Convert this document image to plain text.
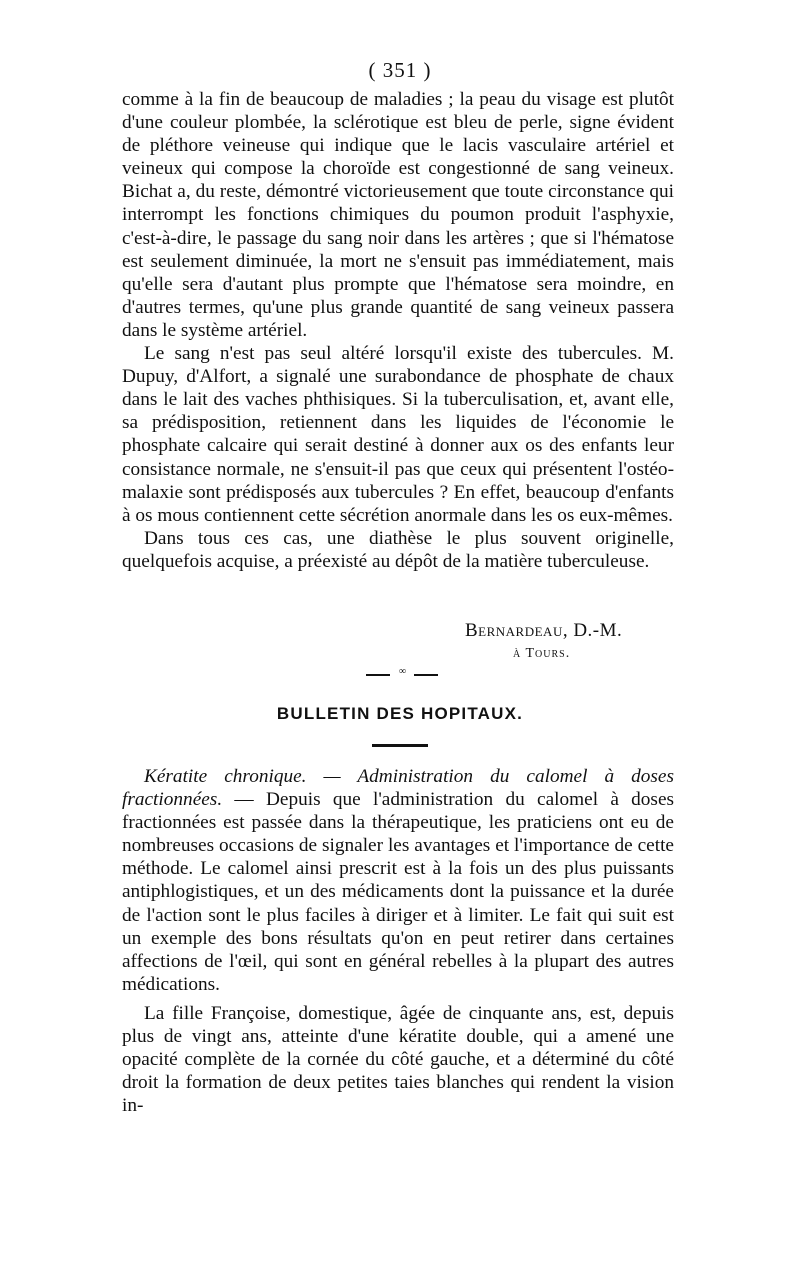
( 351 )

comme à la fin de beaucoup de maladies ; la peau du visage est plutôt d'une couleur plombée, la sclérotique est bleu de perle, signe évident de pléthore veineuse qui indique que le lacis vasculaire artériel et veineux qui compose la choroïde est congestionné de sang veineux. Bichat a, du reste, démontré victorieusement que toute circonstance qui interrompt les fonctions chimiques du poumon produit l'asphyxie, c'est-à-dire, le passage du sang noir dans les artères ; que si l'hématose est seulement diminuée, la mort ne s'ensuit pas immédiatement, mais qu'elle sera d'autant plus prompte que l'hématose sera moindre, en d'autres termes, qu'une plus grande quantité de sang veineux passera dans le système artériel.

Le sang n'est pas seul altéré lorsqu'il existe des tubercules. M. Dupuy, d'Alfort, a signalé une surabondance de phosphate de chaux dans le lait des vaches phthisiques. Si la tuberculisation, et, avant elle, sa prédisposition, retiennent dans les liquides de l'économie le phosphate calcaire qui serait destiné à donner aux os des enfants leur consistance normale, ne s'ensuit-il pas que ceux qui présentent l'ostéo-malaxie sont prédisposés aux tubercules ? En effet, beaucoup d'enfants à os mous contiennent cette sécrétion anormale dans les os eux-mêmes.

Dans tous ces cas, une diathèse le plus souvent originelle, quelquefois acquise, a préexisté au dépôt de la matière tuberculeuse.

Bernardeau, D.-M.
à Tours.
∞
BULLETIN DES HOPITAUX.

Kératite chronique. — Administration du calomel à doses fractionnées. — Depuis que l'administration du calomel à doses fractionnées est passée dans la thérapeutique, les praticiens ont eu de nombreuses occasions de signaler les avantages et l'importance de cette méthode. Le calomel ainsi prescrit est à la fois un des plus puissants antiphlogistiques, et un des médicaments dont la puissance et la durée de l'action sont le plus faciles à diriger et à limiter. Le fait qui suit est un exemple des bons résultats qu'on en peut retirer dans certaines affections de l'œil, qui sont en général rebelles à la plupart des autres médications.

La fille Françoise, domestique, âgée de cinquante ans, est, depuis plus de vingt ans, atteinte d'une kératite double, qui a amené une opacité complète de la cornée du côté gauche, et a déterminé du côté droit la formation de deux petites taies blanches qui rendent la vision in-
